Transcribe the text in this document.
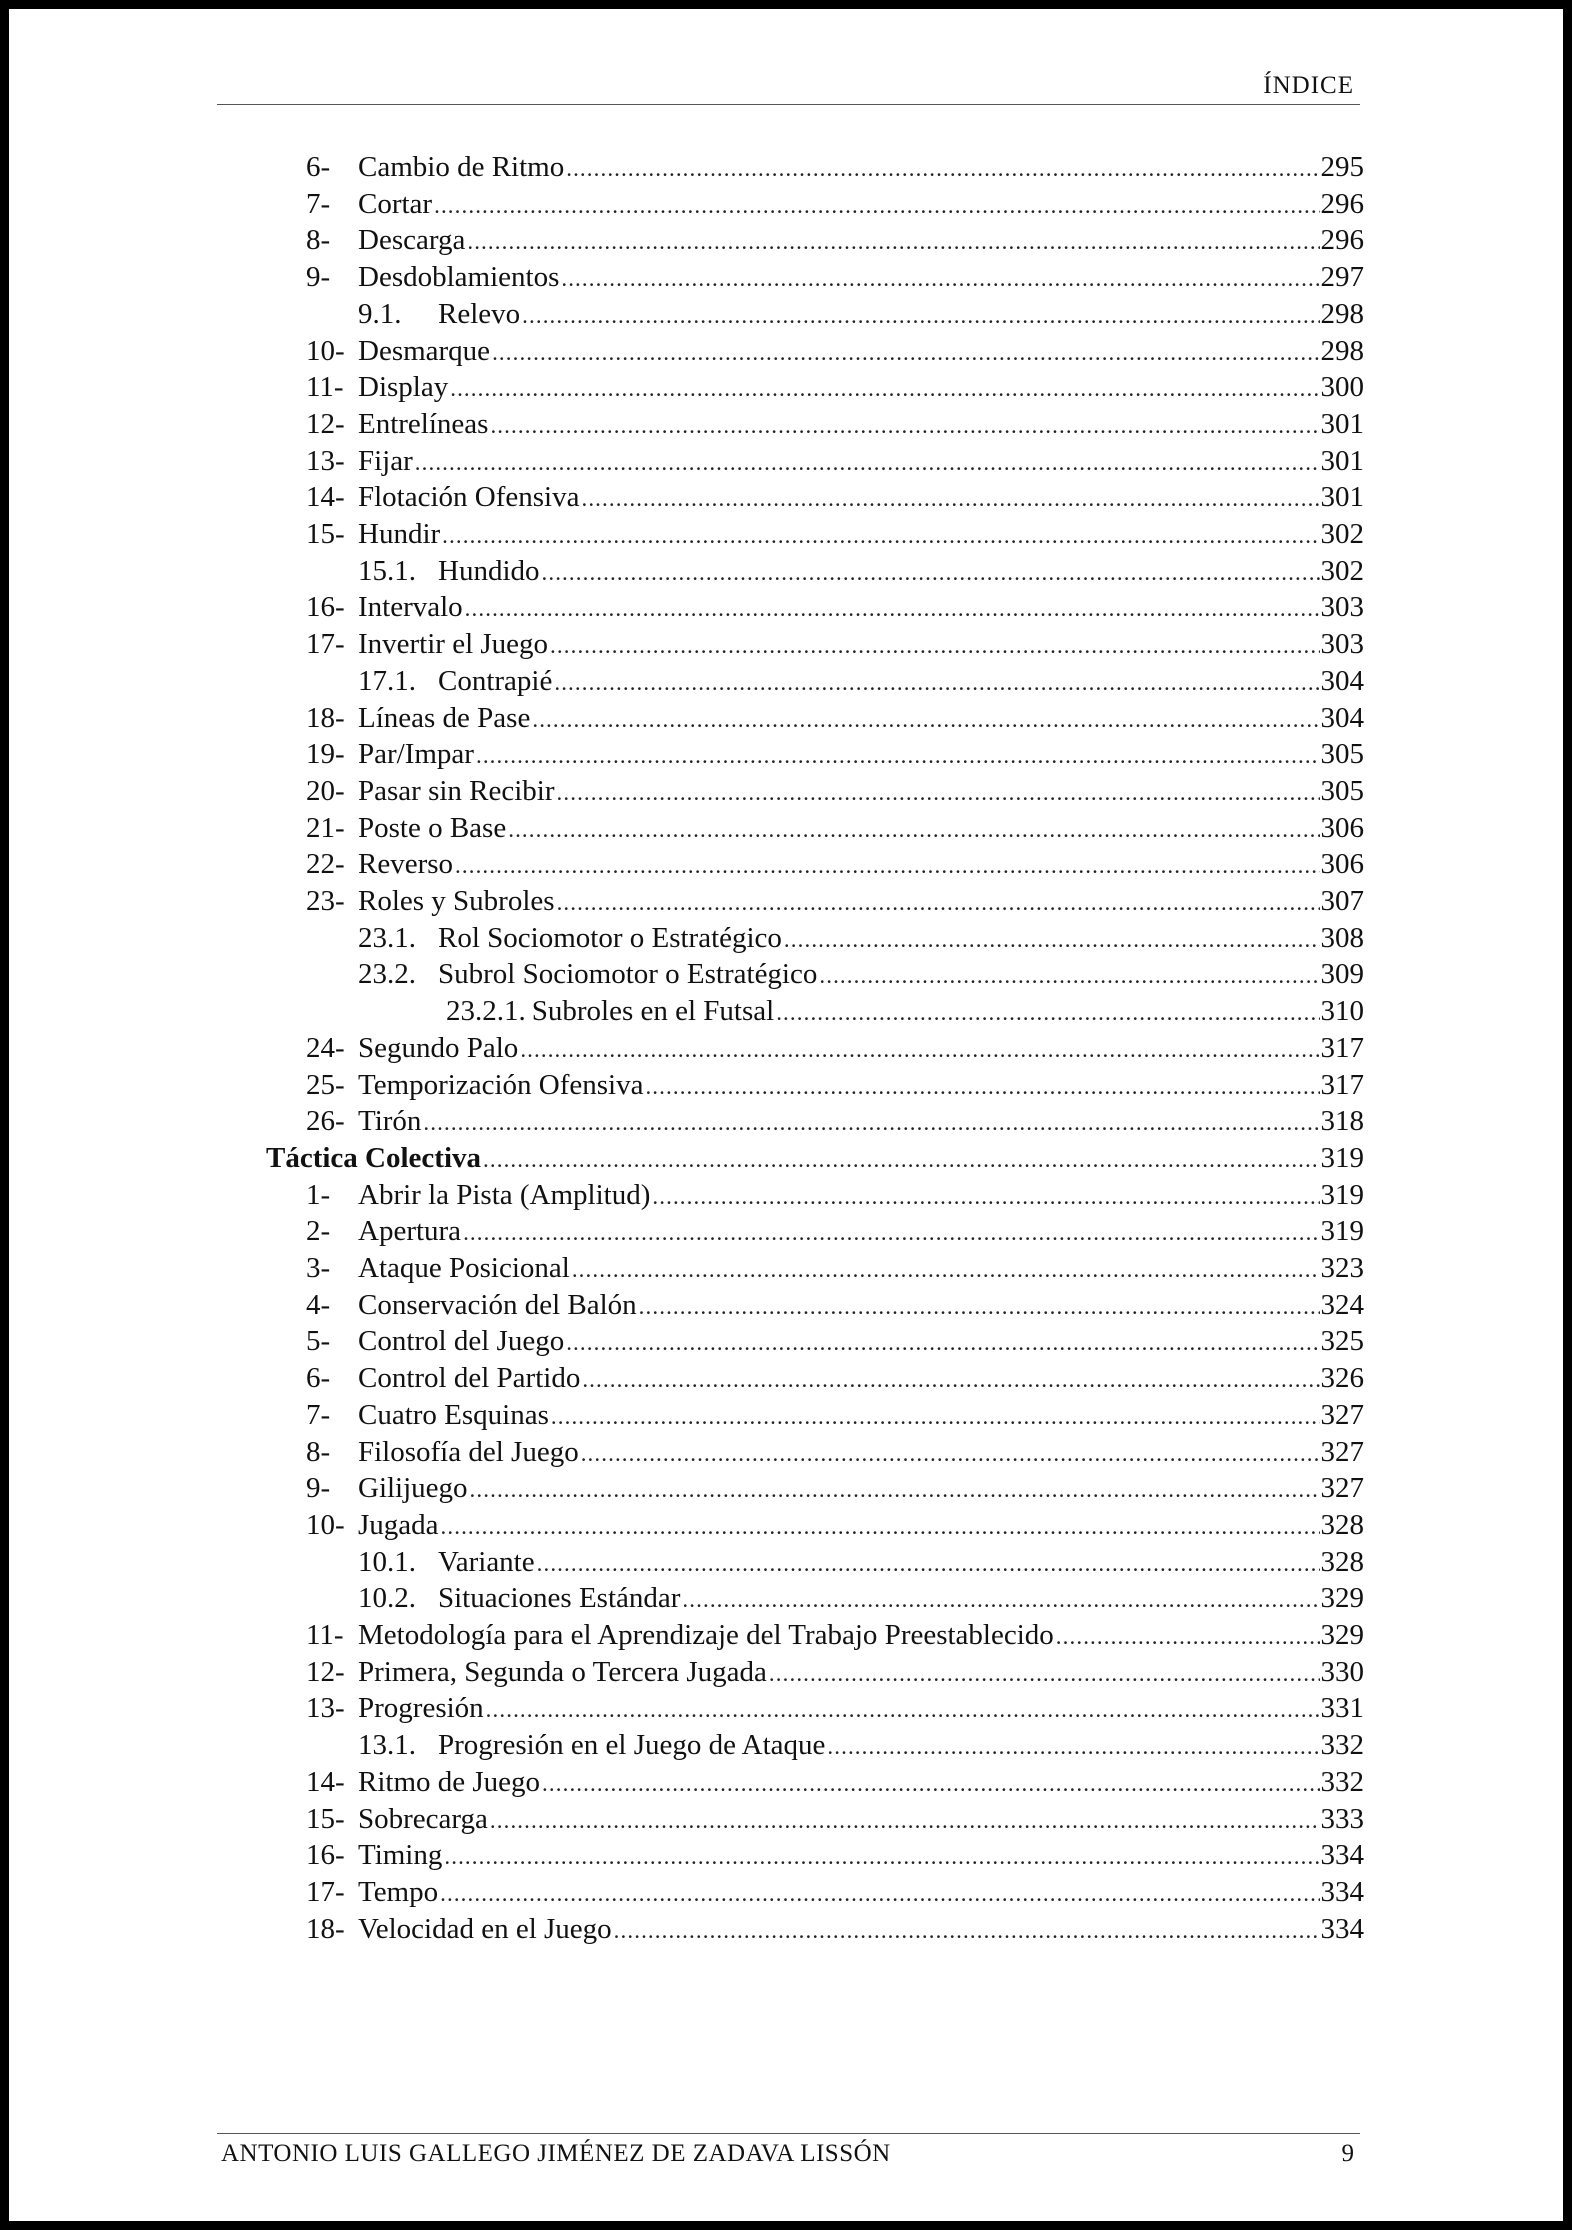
ÍNDICE
6- Cambio de Ritmo .....	295
7- Cortar .....	296
8- Descarga .....	296
9- Desdoblamientos .....	297
9.1.	Relevo .....	298
10- Desmarque .....	298
11- Display .....	300
12- Entrelíneas .....	301
13- Fijar .....	301
14- Flotación Ofensiva .....	301
15- Hundir .....	302
15.1. Hundido .....	302
16- Intervalo .....	303
17- Invertir el Juego .....	303
17.1. Contrapié .....	304
18- Líneas de Pase .....	304
19- Par/Impar .....	305
20- Pasar sin Recibir .....	305
21- Poste o Base .....	306
22- Reverso .....	306
23- Roles y Subroles .....	307
23.1. Rol Sociomotor o Estratégico .....	308
23.2. Subrol Sociomotor o Estratégico .....	309
23.2.1. Subroles en el Futsal .....	310
24- Segundo Palo .....	317
25- Temporización Ofensiva .....	317
26- Tirón .....	318
Táctica Colectiva .....	319
1- Abrir la Pista (Amplitud) .....	319
2- Apertura .....	319
3- Ataque Posicional .....	323
4- Conservación del Balón .....	324
5- Control del Juego .....	325
6- Control del Partido .....	326
7- Cuatro Esquinas .....	327
8- Filosofía del Juego .....	327
9- Gilijuego .....	327
10- Jugada .....	328
10.1. Variante .....	328
10.2. Situaciones Estándar .....	329
11- Metodología para el Aprendizaje del Trabajo Preestablecido .....	329
12- Primera, Segunda o Tercera Jugada .....	330
13- Progresión .....	331
13.1. Progresión en el Juego de Ataque .....	332
14- Ritmo de Juego .....	332
15- Sobrecarga .....	333
16- Timing .....	334
17- Tempo .....	334
18- Velocidad en el Juego .....	334
ANTONIO LUIS GALLEGO JIMÉNEZ DE ZADAVA LISSÓN	9
